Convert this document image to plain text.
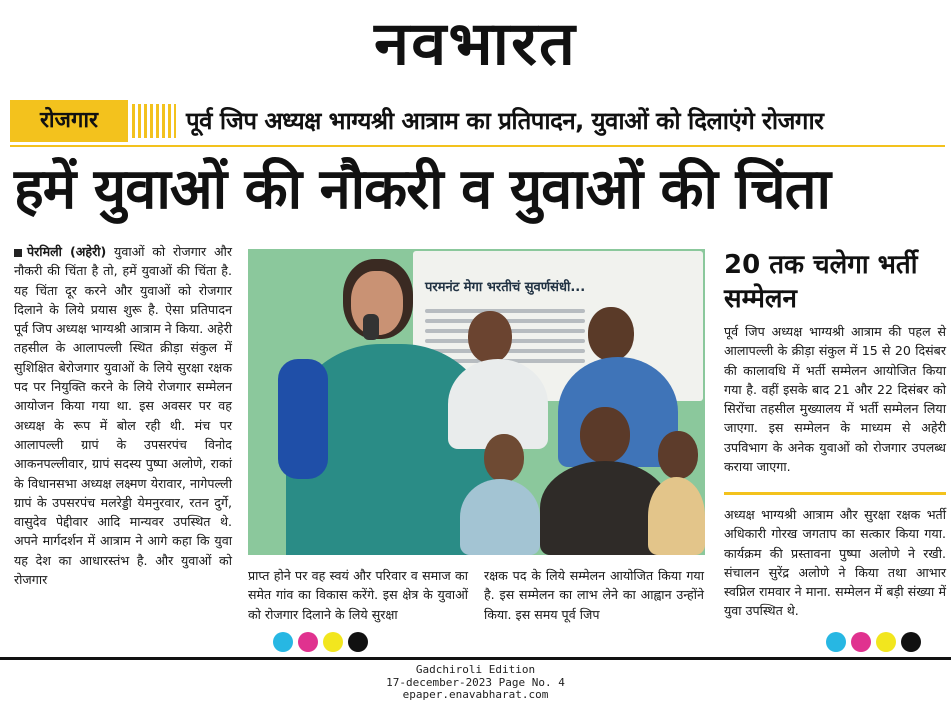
नवभारत
रोजगार	पूर्व जिप अध्यक्ष भाग्यश्री आत्राम का प्रतिपादन, युवाओं को दिलाएंगे रोजगार
हमें युवाओं की नौकरी व युवाओं की चिंता
पेरमिली (अहेरी) युवाओं को रोजगार और नौकरी की चिंता है तो, हमें युवाओं की चिंता है. यह चिंता दूर करने और युवाओं को रोजगार दिलाने के लिये प्रयास शुरू है. ऐसा प्रतिपादन पूर्व जिप अध्यक्ष भाग्यश्री आत्राम ने किया. अहेरी तहसील के आलापल्ली स्थित क्रीड़ा संकुल में सुशिक्षित बेरोजगार युवाओं के लिये सुरक्षा रक्षक पद पर नियुक्ति करने के लिये रोजगार सम्मेलन आयोजन किया गया था. इस अवसर पर वह अध्यक्ष के रूप में बोल रही थी. मंच पर आलापल्ली ग्रापं के उपसरपंच विनोद आकनपल्लीवार, ग्रापं सदस्य पुष्पा अलोणे, राकां के विधानसभा अध्यक्ष लक्ष्मण येरावार, नागेपल्ली ग्रापं के उपसरपंच मलरेड्डी येमनुरवार, रतन दुर्गे, वासुदेव पेद्दीवार आदि मान्यवर उपस्थित थे. अपने मार्गदर्शन में आत्राम ने आगे कहा कि युवा यह देश का आधारस्तंभ है. और युवाओं को रोजगार
परमनंट मेगा भरतीचं सुवर्णसंधी...
प्राप्त होने पर वह स्वयं और परिवार व समाज का समेत गांव का विकास करेंगे. इस क्षेत्र के युवाओं को रोजगार दिलाने के लिये सुरक्षा
रक्षक पद के लिये सम्मेलन आयोजित किया गया है. इस सम्मेलन का लाभ लेने का आह्वान उन्होंने किया. इस समय पूर्व जिप
20 तक चलेगा भर्ती सम्मेलन
पूर्व जिप अध्यक्ष भाग्यश्री आत्राम की पहल से आलापल्ली के क्रीड़ा संकुल में 15 से 20 दिसंबर की कालावधि में भर्ती सम्मेलन आयोजित किया गया है. वहीं इसके बाद 21 और 22 दिसंबर को सिरोंचा तहसील मुख्यालय में भर्ती सम्मेलन लिया जाएगा. इस सम्मेलन के माध्यम से अहेरी उपविभाग के अनेक युवाओं को रोजगार उपलब्ध कराया जाएगा.
अध्यक्ष भाग्यश्री आत्राम और सुरक्षा रक्षक भर्ती अधिकारी गोरख जगताप का सत्कार किया गया. कार्यक्रम की प्रस्तावना पुष्पा अलोणे ने रखी. संचालन सुरेंद्र अलोणे ने किया तथा आभार स्वप्निल रामवार ने माना. सम्मेलन में बड़ी संख्या में युवा उपस्थित थे.
Gadchiroli Edition
17-december-2023 Page No. 4
epaper.enavabharat.com
